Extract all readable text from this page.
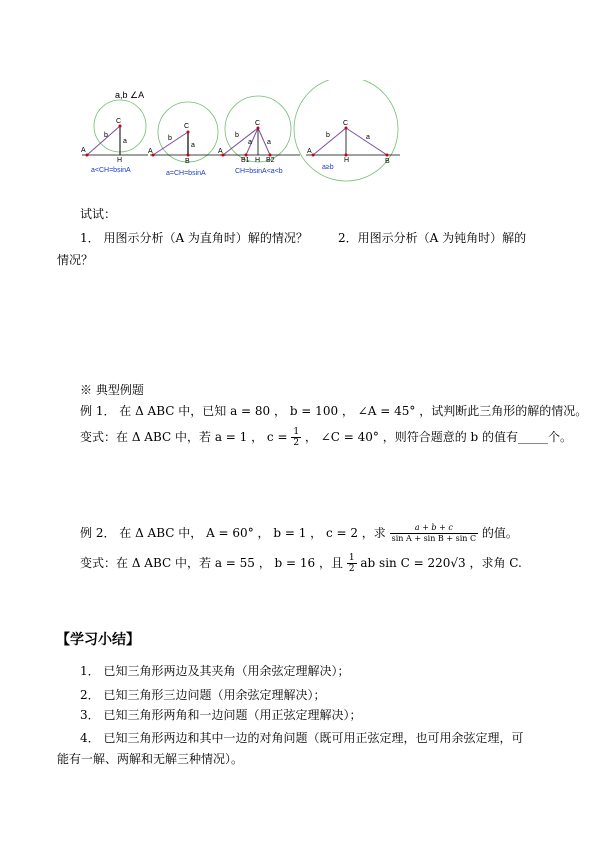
a,b ∠A
C
b
a
A
H
a<CH=bsinA
C
b
a
A
B
a=CH=bsinA
C
b
a a
A
B1 H B2
CH=bsinA<a<b
C
b	a
A
H	B
a≥b
试试：
1． 用图示分析（A 为直角时）解的情况？	2．用图示分析（A 为钝角时）解的
情况？
※ 典型例题
例 1． 在 Δ ABC 中，已知 a = 80 ， b = 100 ， ∠A = 45° ，试判断此三角形的解的情况。
变式：在 Δ ABC 中，若 a = 1 ， $c = \frac{1}{2}$ ， ∠C = 40° ，则符合题意的 b 的值有_____个。
例 2． 在 Δ ABC 中， A = 60° ， b = 1 ， c = 2 ，求 $\frac{a + b + c}{\text{sin A + sin B + sin C}}$ 的值。
变式：在 Δ ABC 中，若 a = 55 ， b = 16 ，且 $\frac{1}{2}$ ab sin C = 220√3 ，求角 C.
【学习小结】
1． 已知三角形两边及其夹角（用余弦定理解决）；
2． 已知三角形三边问题（用余弦定理解决）；
3． 已知三角形两角和一边问题（用正弦定理解决）；
4． 已知三角形两边和其中一边的对角问题（既可用正弦定理，也可用余弦定理，可
能有一解、两解和无解三种情况）。
